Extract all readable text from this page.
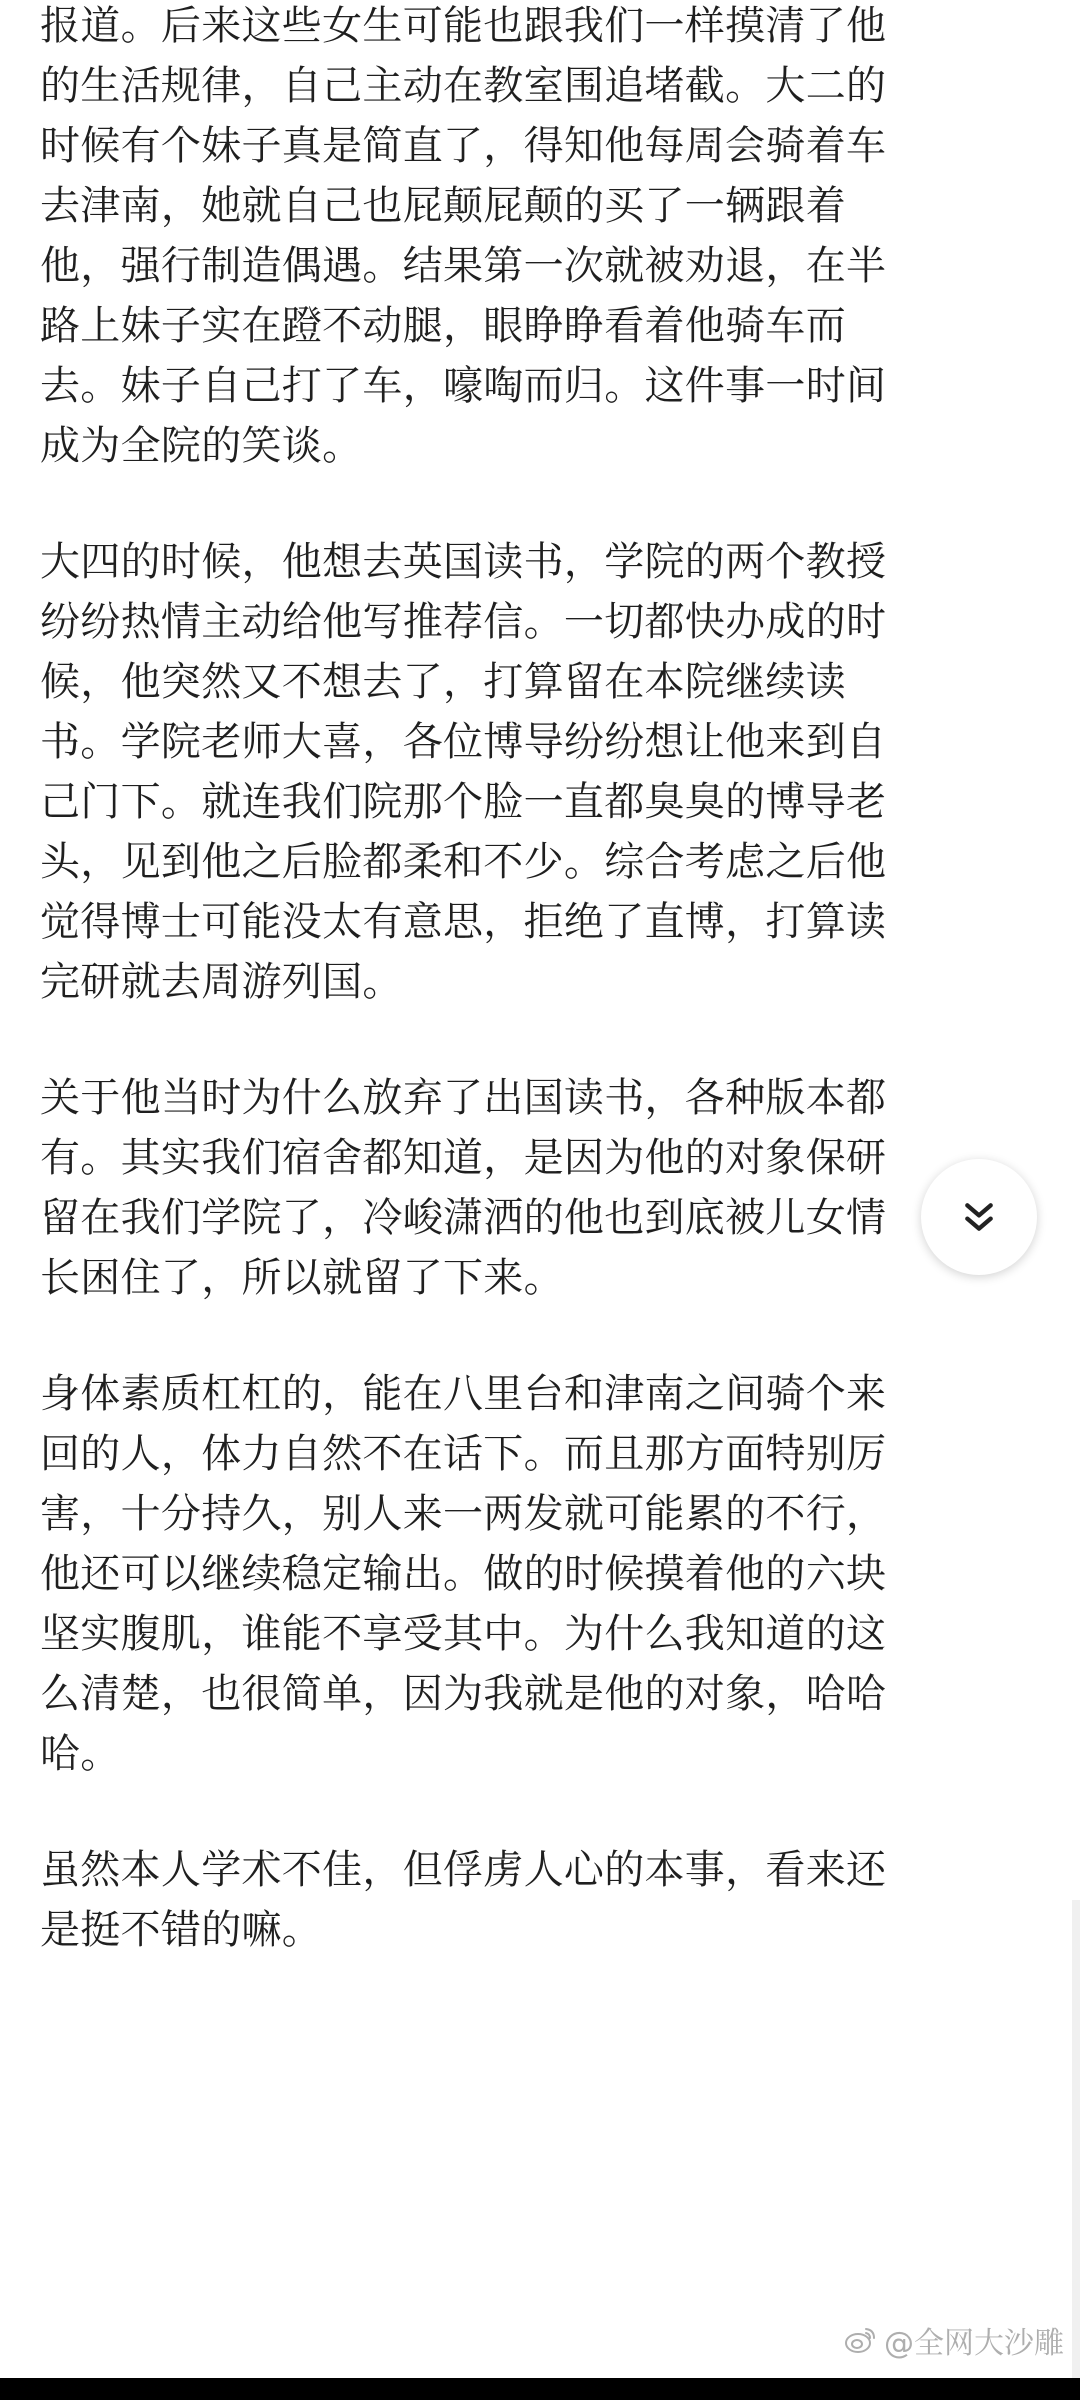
报道。后来这些女生可能也跟我们一样摸清了他
的生活规律，自己主动在教室围追堵截。大二的
时候有个妹子真是简直了，得知他每周会骑着车
去津南，她就自己也屁颠屁颠的买了一辆跟着
他，强行制造偶遇。结果第一次就被劝退，在半
路上妹子实在蹬不动腿，眼睁睁看着他骑车而
去。妹子自己打了车，嚎啕而归。这件事一时间
成为全院的笑谈。

大四的时候，他想去英国读书，学院的两个教授
纷纷热情主动给他写推荐信。一切都快办成的时
候，他突然又不想去了，打算留在本院继续读
书。学院老师大喜，各位博导纷纷想让他来到自
己门下。就连我们院那个脸一直都臭臭的博导老
头，见到他之后脸都柔和不少。综合考虑之后他
觉得博士可能没太有意思，拒绝了直博，打算读
完研就去周游列国。

关于他当时为什么放弃了出国读书，各种版本都
有。其实我们宿舍都知道，是因为他的对象保研
留在我们学院了，冷峻潇洒的他也到底被儿女情
长困住了，所以就留了下来。

身体素质杠杠的，能在八里台和津南之间骑个来
回的人，体力自然不在话下。而且那方面特别厉
害，十分持久，别人来一两发就可能累的不行，
他还可以继续稳定输出。做的时候摸着他的六块
坚实腹肌，谁能不享受其中。为什么我知道的这
么清楚，也很简单，因为我就是他的对象，哈哈
哈。

虽然本人学术不佳，但俘虏人心的本事，看来还
是挺不错的嘛。

@全网大沙雕
